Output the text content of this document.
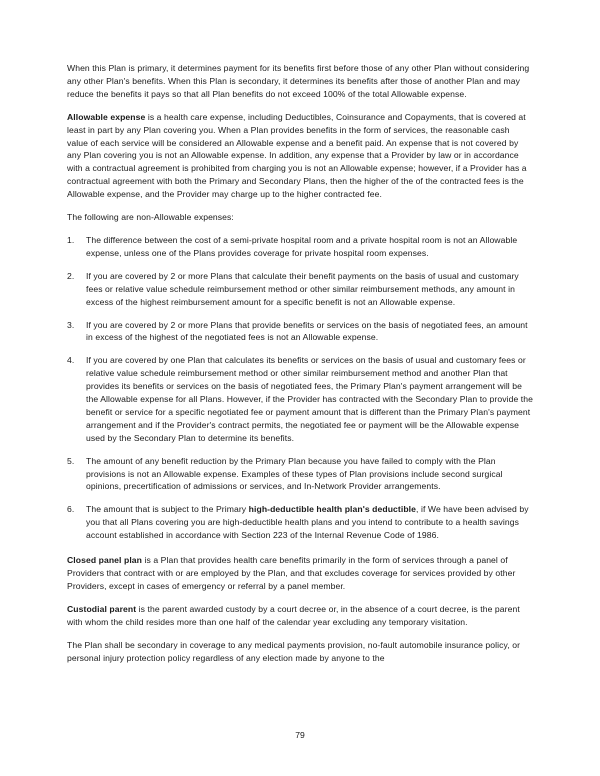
When this Plan is primary, it determines payment for its benefits first before those of any other Plan without considering any other Plan's benefits. When this Plan is secondary, it determines its benefits after those of another Plan and may reduce the benefits it pays so that all Plan benefits do not exceed 100% of the total Allowable expense.

Allowable expense is a health care expense, including Deductibles, Coinsurance and Copayments, that is covered at least in part by any Plan covering you. When a Plan provides benefits in the form of services, the reasonable cash value of each service will be considered an Allowable expense and a benefit paid. An expense that is not covered by any Plan covering you is not an Allowable expense. In addition, any expense that a Provider by law or in accordance with a contractual agreement is prohibited from charging you is not an Allowable expense; however, if a Provider has a contractual agreement with both the Primary and Secondary Plans, then the higher of the of the contracted fees is the Allowable expense, and the Provider may charge up to the higher contracted fee.

The following are non-Allowable expenses:

1.	The difference between the cost of a semi-private hospital room and a private hospital room is not an Allowable expense, unless one of the Plans provides coverage for private hospital room expenses.
2.	If you are covered by 2 or more Plans that calculate their benefit payments on the basis of usual and customary fees or relative value schedule reimbursement method or other similar reimbursement methods, any amount in excess of the highest reimbursement amount for a specific benefit is not an Allowable expense.
3.	If you are covered by 2 or more Plans that provide benefits or services on the basis of negotiated fees, an amount in excess of the highest of the negotiated fees is not an Allowable expense.
4.	If you are covered by one Plan that calculates its benefits or services on the basis of usual and customary fees or relative value schedule reimbursement method or other similar reimbursement method and another Plan that provides its benefits or services on the basis of negotiated fees, the Primary Plan's payment arrangement will be the Allowable expense for all Plans. However, if the Provider has contracted with the Secondary Plan to provide the benefit or service for a specific negotiated fee or payment amount that is different than the Primary Plan's payment arrangement and if the Provider's contract permits, the negotiated fee or payment will be the Allowable expense used by the Secondary Plan to determine its benefits.
5.	The amount of any benefit reduction by the Primary Plan because you have failed to comply with the Plan provisions is not an Allowable expense. Examples of these types of Plan provisions include second surgical opinions, precertification of admissions or services, and In-Network Provider arrangements.
6.	The amount that is subject to the Primary high-deductible health plan's deductible, if We have been advised by you that all Plans covering you are high-deductible health plans and you intend to contribute to a health savings account established in accordance with Section 223 of the Internal Revenue Code of 1986.

Closed panel plan is a Plan that provides health care benefits primarily in the form of services through a panel of Providers that contract with or are employed by the Plan, and that excludes coverage for services provided by other Providers, except in cases of emergency or referral by a panel member.

Custodial parent is the parent awarded custody by a court decree or, in the absence of a court decree, is the parent with whom the child resides more than one half of the calendar year excluding any temporary visitation.

The Plan shall be secondary in coverage to any medical payments provision, no-fault automobile insurance policy, or personal injury protection policy regardless of any election made by anyone to the

79
